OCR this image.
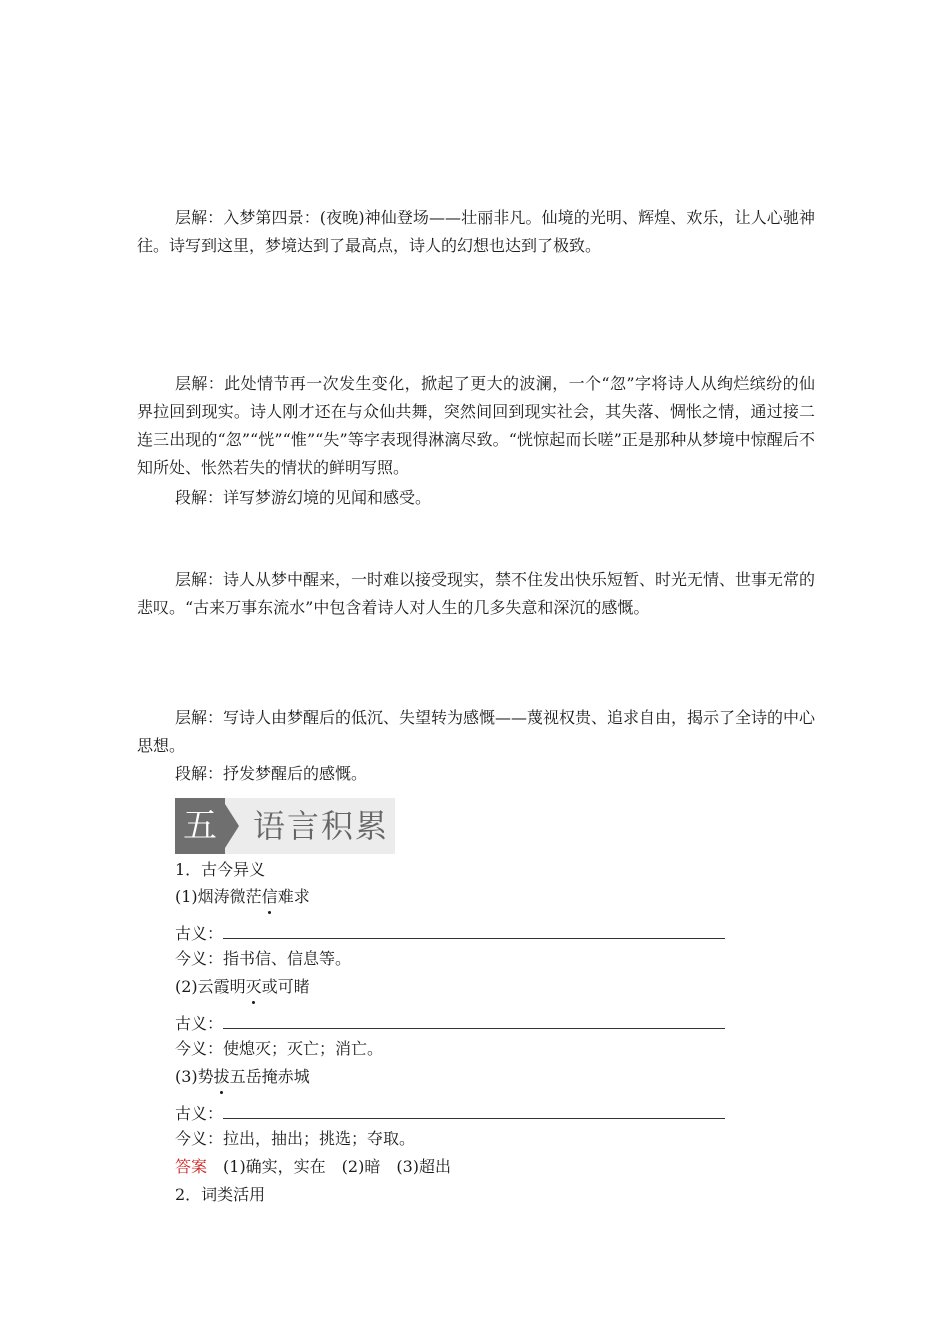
层解：入梦第四景：(夜晚)神仙登场——壮丽非凡。仙境的光明、辉煌、欢乐，让人心驰神往。诗写到这里，梦境达到了最高点，诗人的幻想也达到了极致。

层解：此处情节再一次发生变化，掀起了更大的波澜，一个“忽”字将诗人从绚烂缤纷的仙界拉回到现实。诗人刚才还在与众仙共舞，突然间回到现实社会，其失落、惆怅之情，通过接二连三出现的“忽”“恍”“惟”“失”等字表现得淋漓尽致。“恍惊起而长嗟”正是那种从梦境中惊醒后不知所处、怅然若失的情状的鲜明写照。

段解：详写梦游幻境的见闻和感受。

层解：诗人从梦中醒来，一时难以接受现实，禁不住发出快乐短暂、时光无情、世事无常的悲叹。“古来万事东流水”中包含着诗人对人生的几多失意和深沉的感慨。

层解：写诗人由梦醒后的低沉、失望转为感慨——蔑视权贵、追求自由，揭示了全诗的中心思想。

段解：抒发梦醒后的感慨。

五 语言积累
1．古今异义
(1)烟涛微茫信难求
古义：
今义：指书信、信息等。
(2)云霞明灭或可睹
古义：
今义：使熄灭；灭亡；消亡。
(3)势拔五岳掩赤城
古义：
今义：拉出，抽出；挑选；夺取。
答案　(1)确实，实在　(2)暗　(3)超出
2．词类活用
